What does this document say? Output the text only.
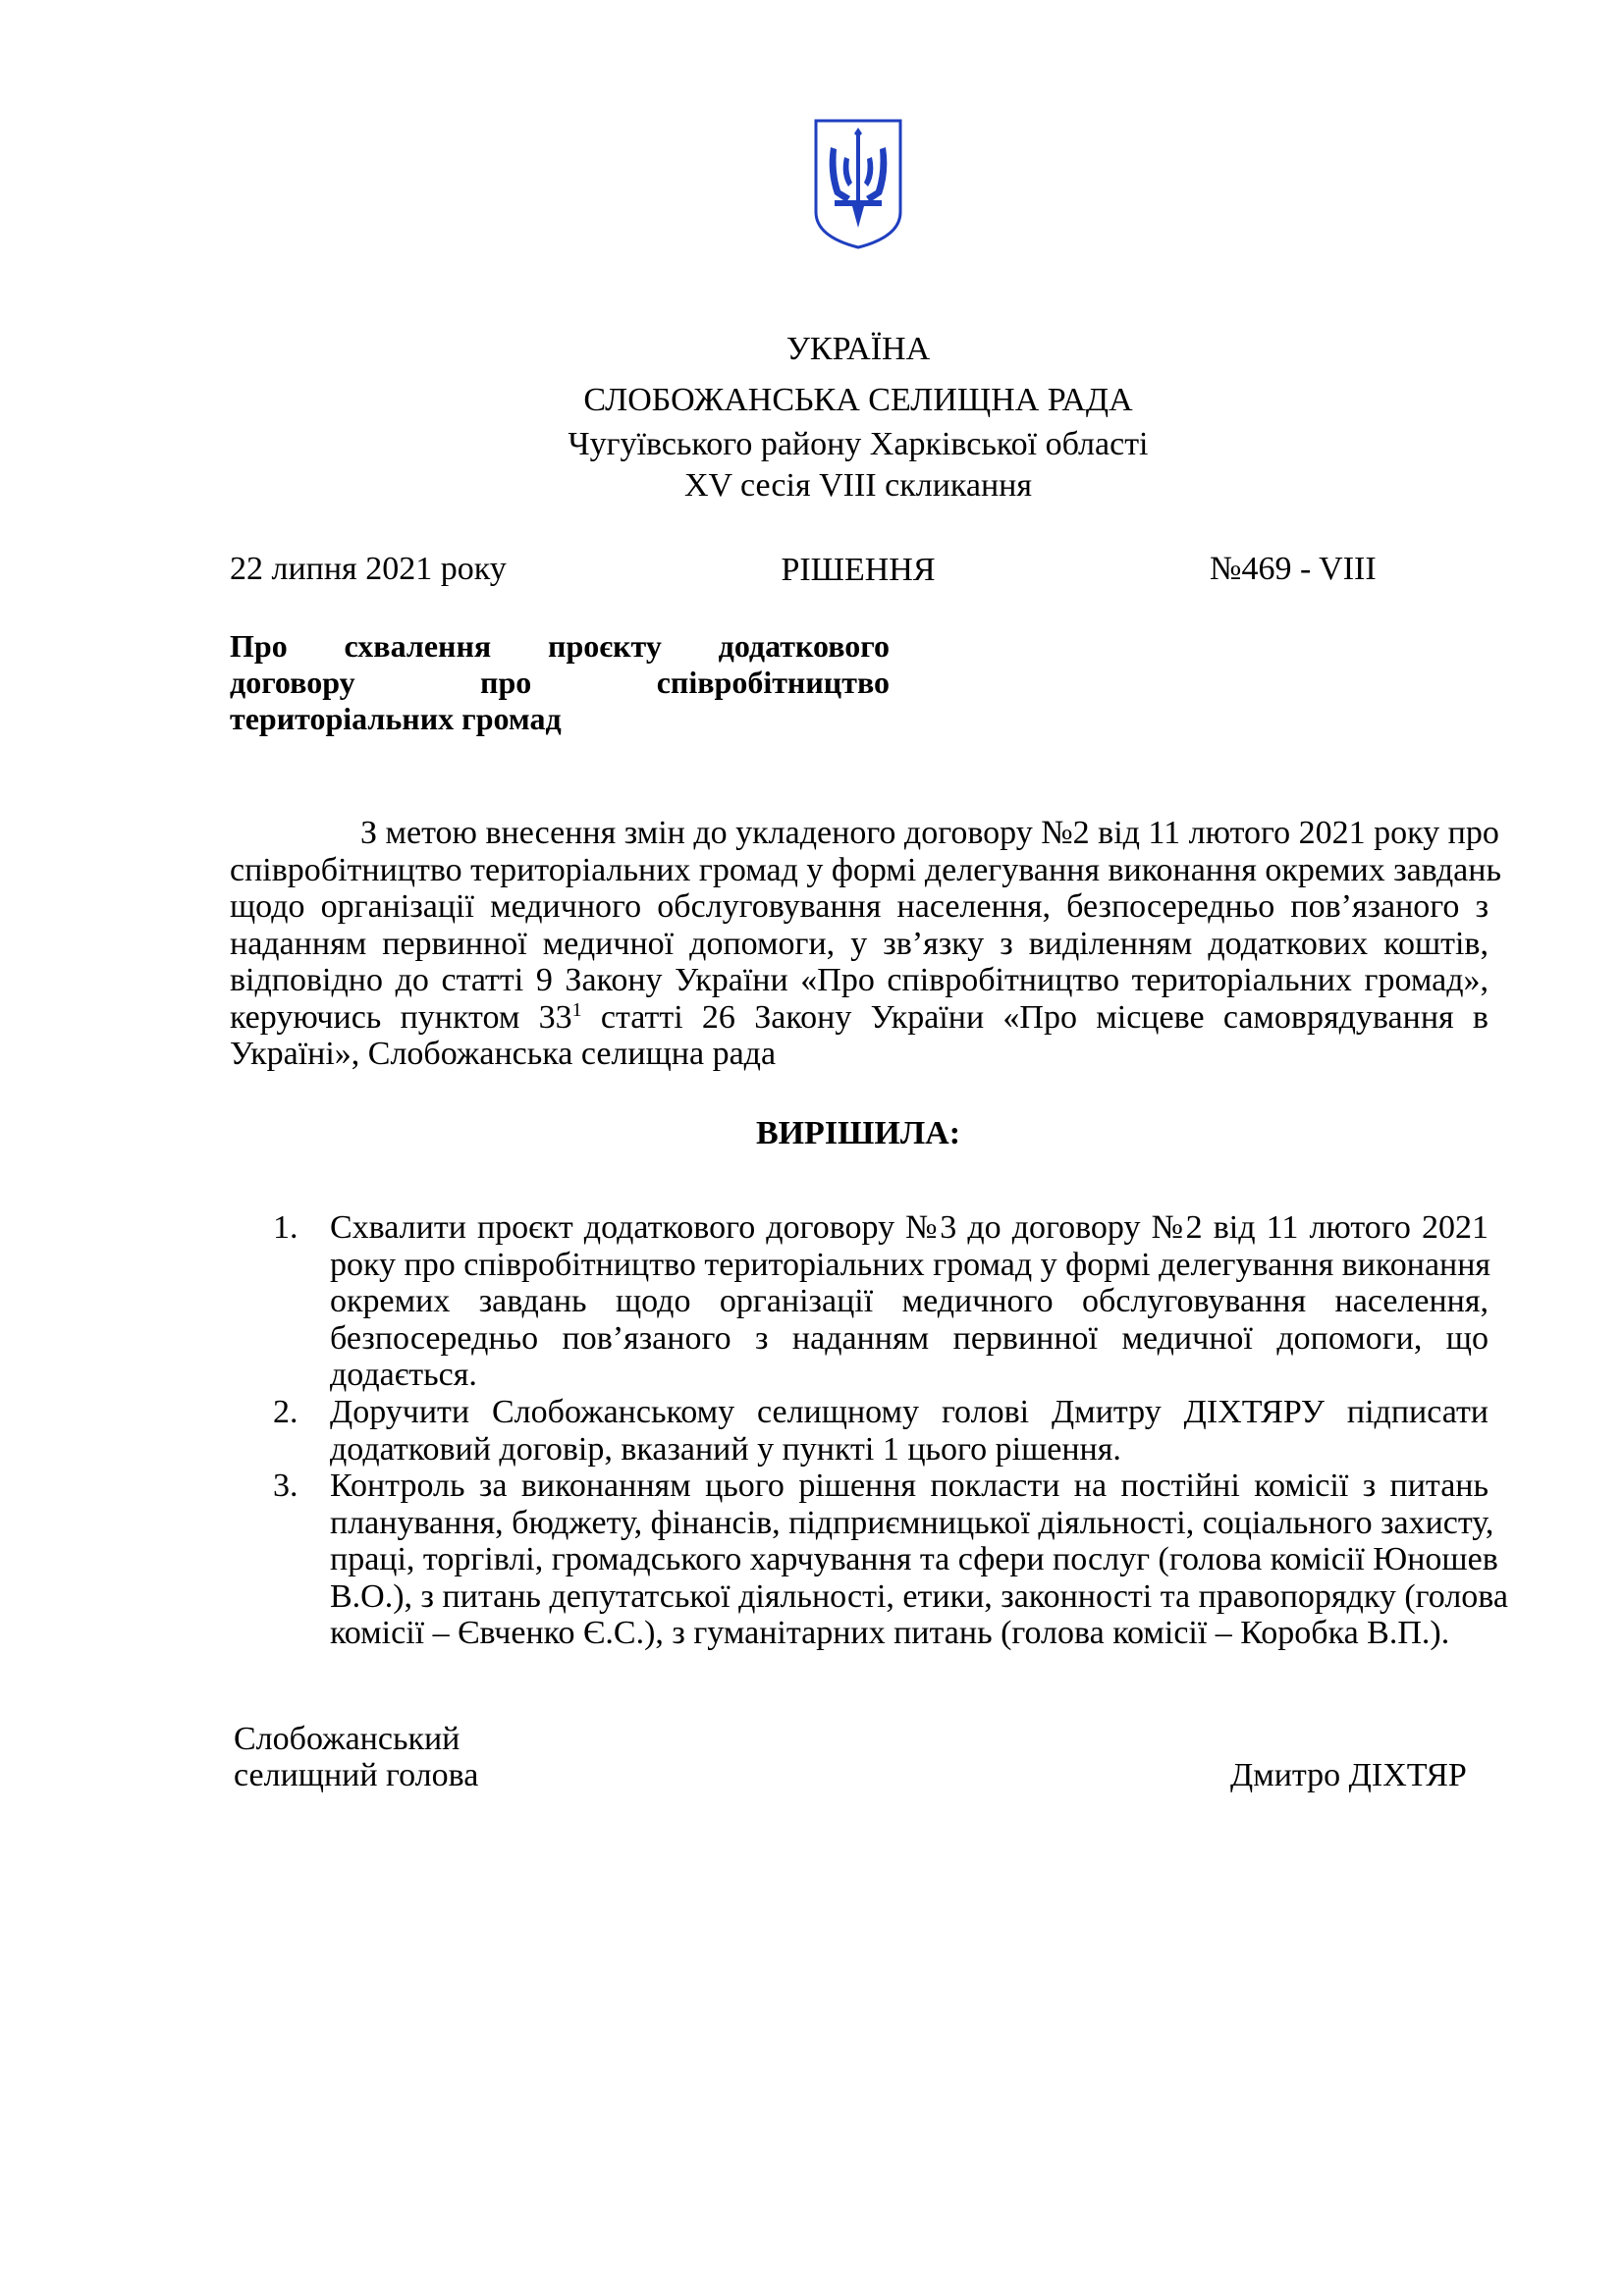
УКРАЇНА
СЛОБОЖАНСЬКА СЕЛИЩНА РАДА
Чугуївського району Харківської області
XV сесія VIII скликання
РІШЕННЯ
22 липня 2021 року	№469 - VIII
Про схвалення проєкту додаткового
договору	про	співробітництво
територіальних громад
З метою внесення змін до укладеного договору №2 від 11 лютого 2021 року про
співробітництво територіальних громад у формі делегування виконання окремих завдань
щодо організації медичного обслуговування населення, безпосередньо пов’язаного з
наданням первинної медичної допомоги, у зв’язку з виділенням додаткових коштів,
відповідно до статті 9 Закону України «Про співробітництво територіальних громад»,
керуючись пунктом $33^1$ статті 26 Закону України «Про місцеве самоврядування в
Україні», Слобожанська селищна рада
ВИРІШИЛА:
1. Схвалити проєкт додаткового договору №3 до договору №2 від 11 лютого 2021
року про співробітництво територіальних громад у формі делегування виконання
окремих завдань щодо організації медичного обслуговування населення,
безпосередньо пов’язаного з наданням первинної медичної допомоги, що
додається.
2. Доручити Слобожанському селищному голові Дмитру ДІХТЯРУ підписати
додатковий договір, вказаний у пункті 1 цього рішення.
3. Контроль за виконанням цього рішення покласти на постійні комісії з питань
планування, бюджету, фінансів, підприємницької діяльності, соціального захисту,
праці, торгівлі, громадського харчування та сфери послуг (голова комісії Юношев
В.О.), з питань депутатської діяльності, етики, законності та правопорядку (голова
комісії – Євченко Є.С.), з гуманітарних питань (голова комісії – Коробка В.П.).
Слобожанський
селищний голова	Дмитро ДІХТЯР
